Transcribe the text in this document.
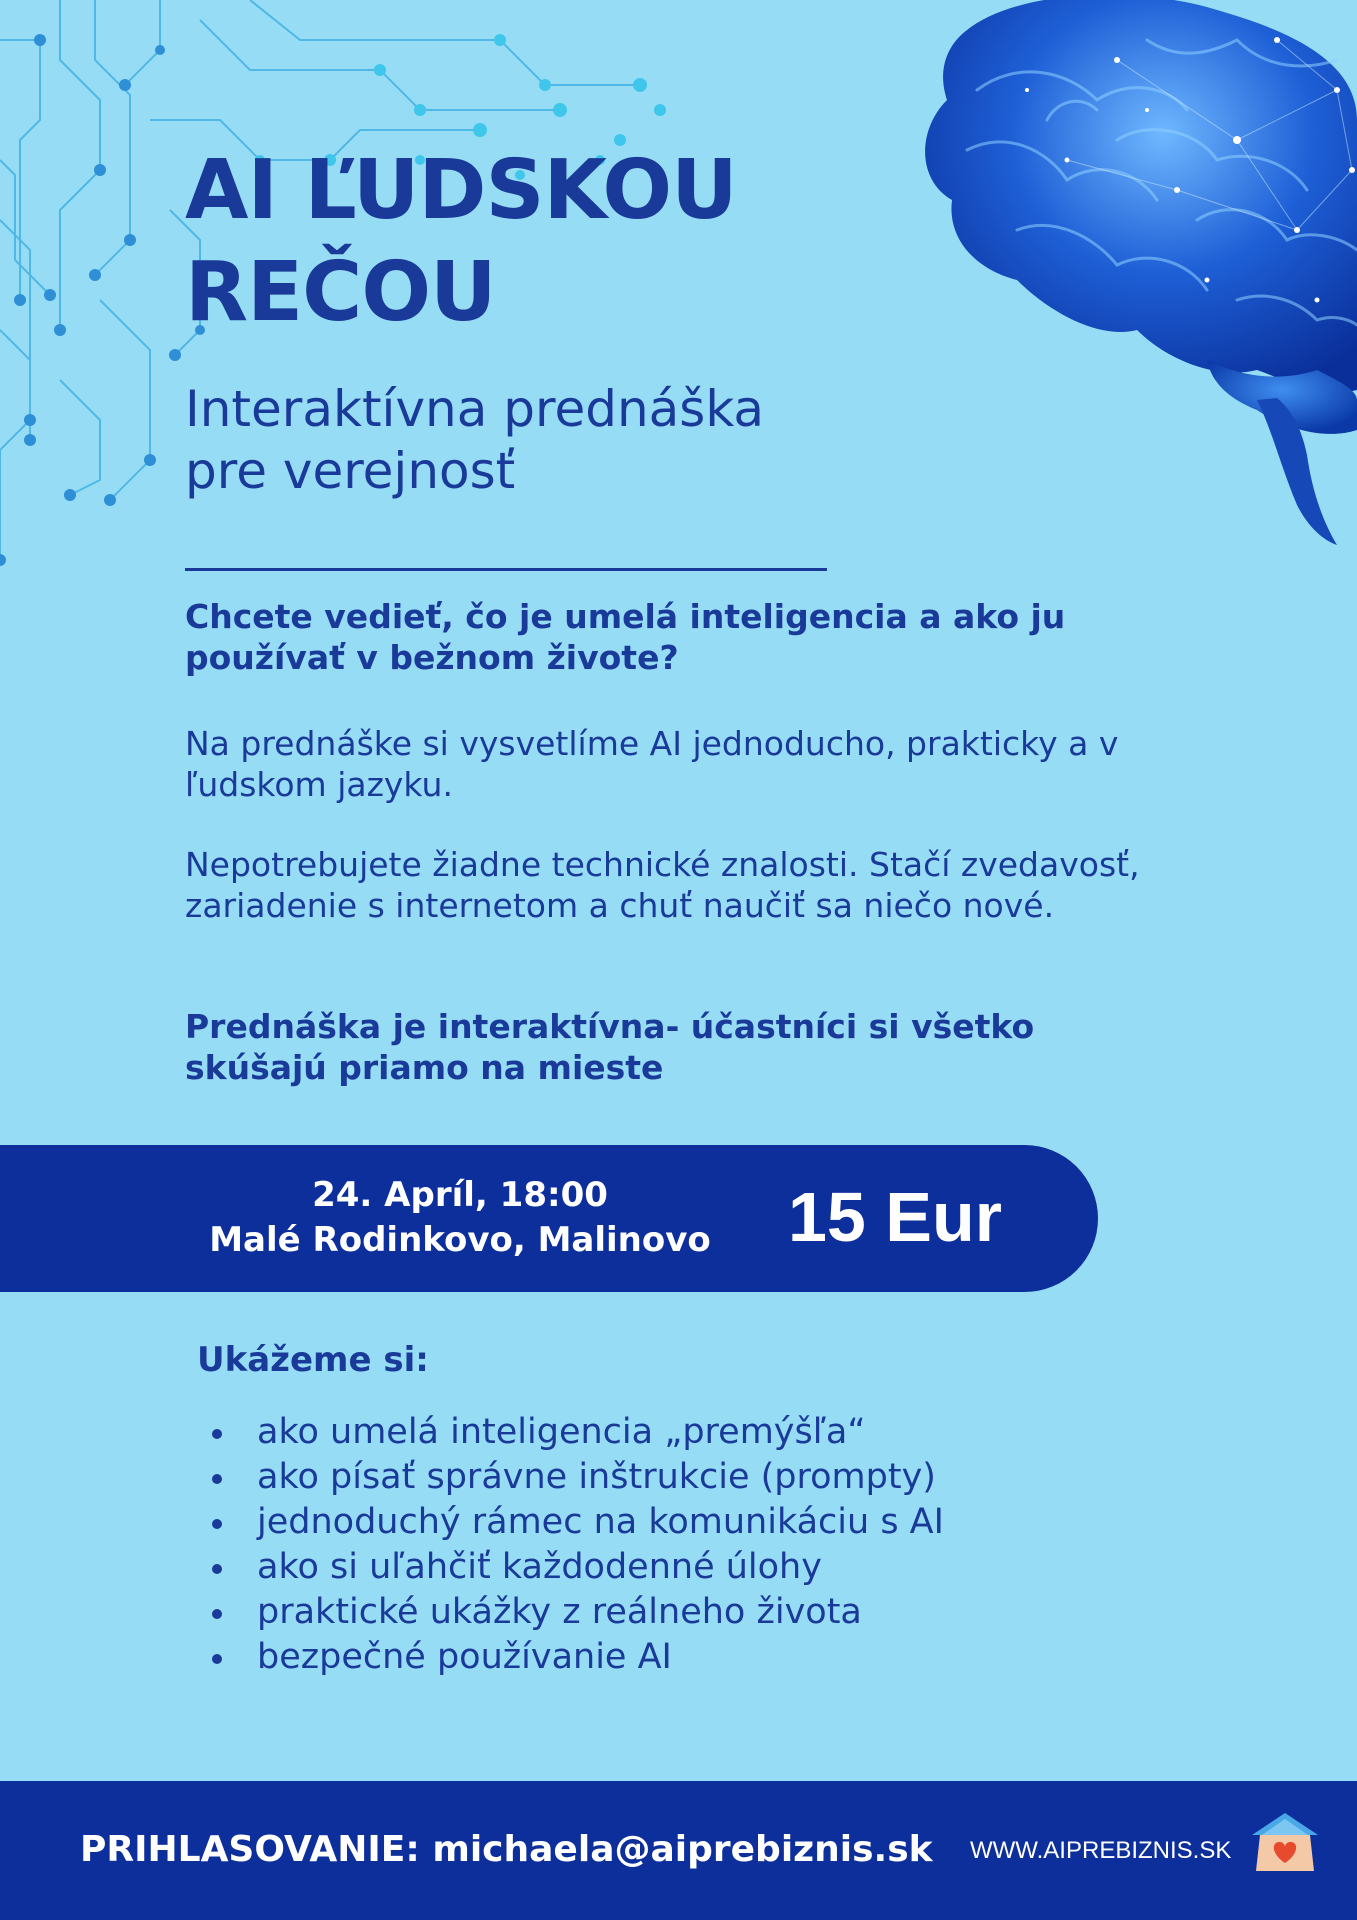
AI ĽUDSKOU
REČOU
Interaktívna prednáška
pre verejnosť

Chcete vedieť, čo je umelá inteligencia a ako ju používať v bežnom živote?

Na prednáške si vysvetlíme AI jednoducho, prakticky a v ľudskom jazyku.

Nepotrebujete žiadne technické znalosti. Stačí zvedavosť, zariadenie s internetom a chuť naučiť sa niečo nové.

Prednáška je interaktívna- účastníci si všetko skúšajú priamo na mieste

24. Apríl, 18:00
Malé Rodinkovo, Malinovo	15 Eur
Ukážeme si:
ako umelá inteligencia „premýšľa“
ako písať správne inštrukcie (prompty)
jednoduchý rámec na komunikáciu s AI
ako si uľahčiť každodenné úlohy
praktické ukážky z reálneho života
bezpečné používanie AI
PRIHLASOVANIE: michaela@aiprebiznis.sk WWW.AIPREBIZNIS.SK
